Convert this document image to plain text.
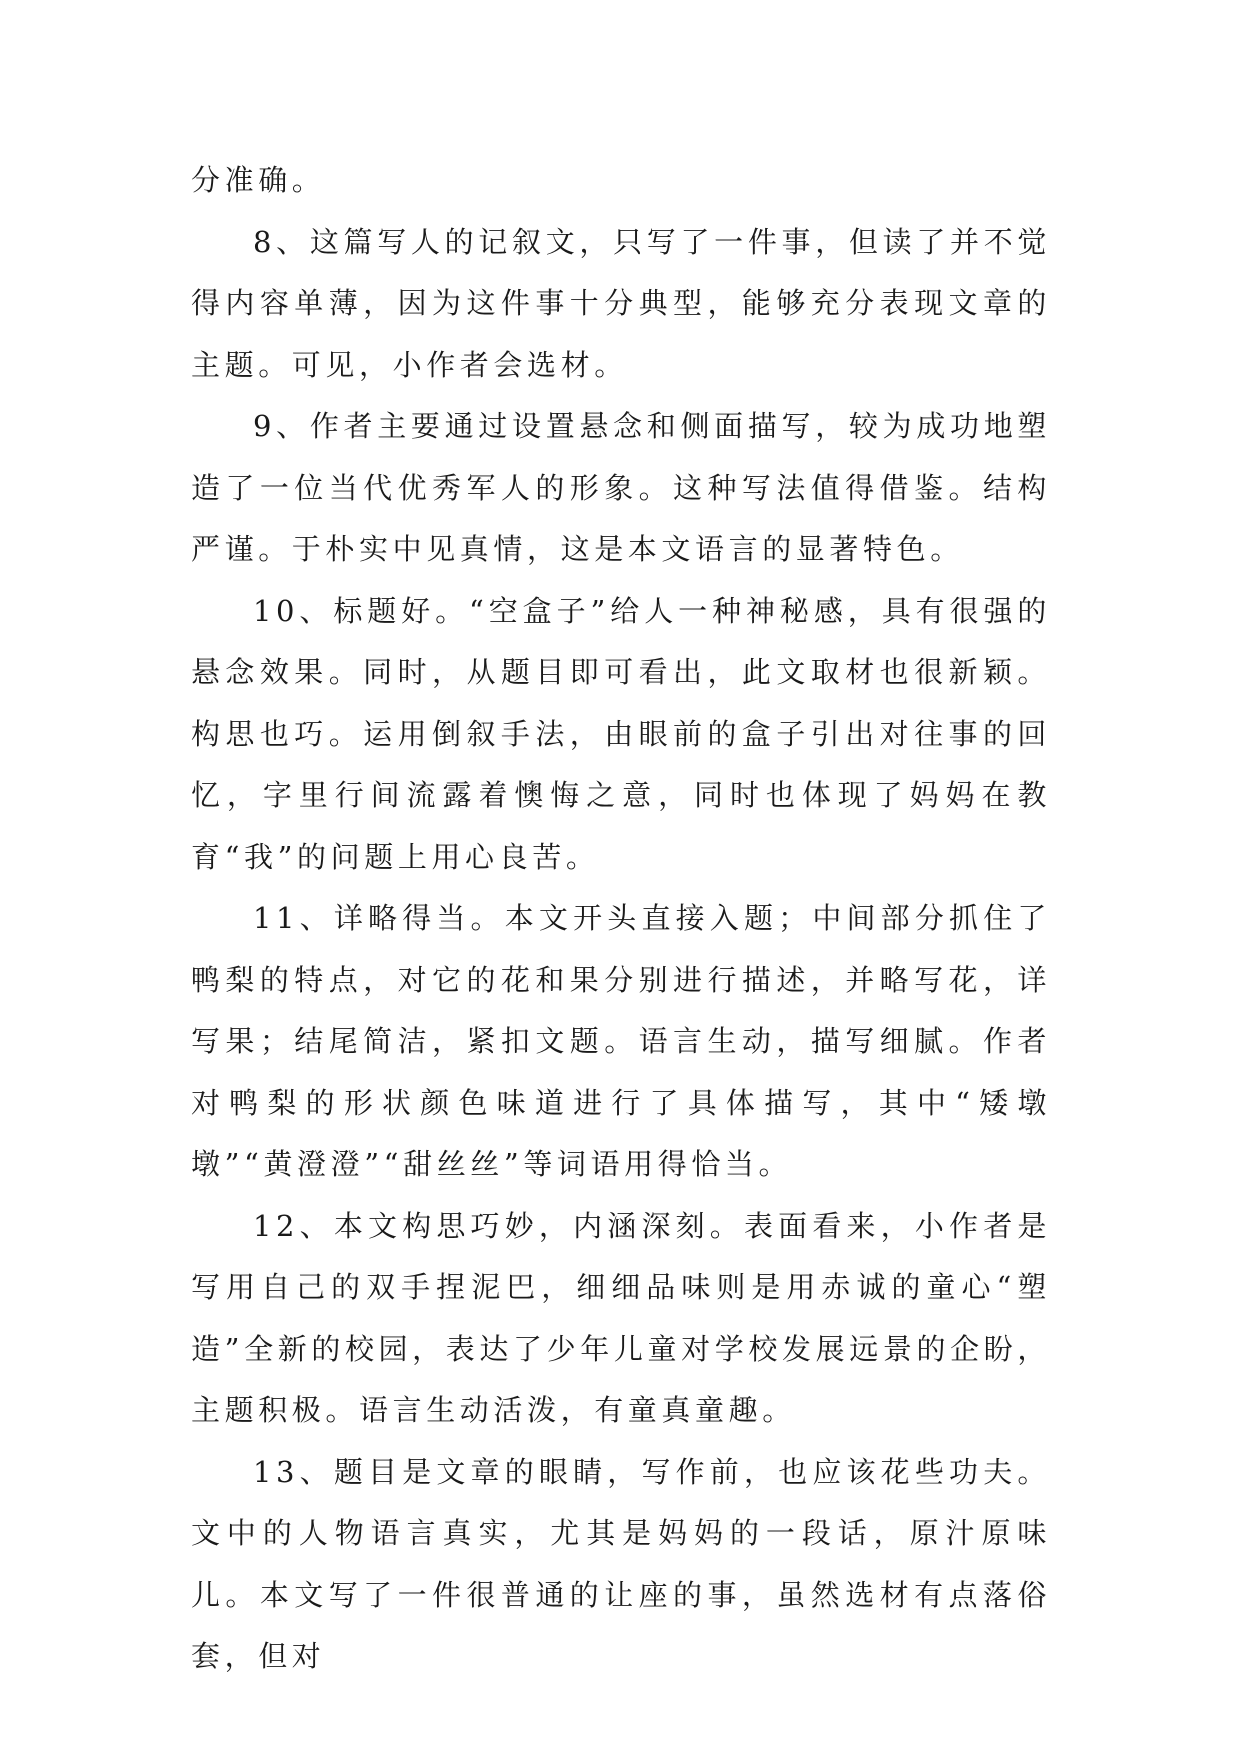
分准确。

8、这篇写人的记叙文，只写了一件事，但读了并不觉得内容单薄，因为这件事十分典型，能够充分表现文章的主题。可见，小作者会选材。

9、作者主要通过设置悬念和侧面描写，较为成功地塑造了一位当代优秀军人的形象。这种写法值得借鉴。结构严谨。于朴实中见真情，这是本文语言的显著特色。

10、标题好。“空盒子”给人一种神秘感，具有很强的悬念效果。同时，从题目即可看出，此文取材也很新颖。构思也巧。运用倒叙手法，由眼前的盒子引出对往事的回忆，字里行间流露着懊悔之意，同时也体现了妈妈在教育“我”的问题上用心良苦。

11、详略得当。本文开头直接入题；中间部分抓住了鸭梨的特点，对它的花和果分别进行描述，并略写花，详写果；结尾简洁，紧扣文题。语言生动，描写细腻。作者对鸭梨的形状颜色味道进行了具体描写，其中“矮墩墩”“黄澄澄”“甜丝丝”等词语用得恰当。

12、本文构思巧妙，内涵深刻。表面看来，小作者是写用自己的双手捏泥巴，细细品味则是用赤诚的童心“塑造”全新的校园，表达了少年儿童对学校发展远景的企盼，主题积极。语言生动活泼，有童真童趣。

13、题目是文章的眼睛，写作前，也应该花些功夫。文中的人物语言真实，尤其是妈妈的一段话，原汁原味儿。本文写了一件很普通的让座的事，虽然选材有点落俗套，但对
